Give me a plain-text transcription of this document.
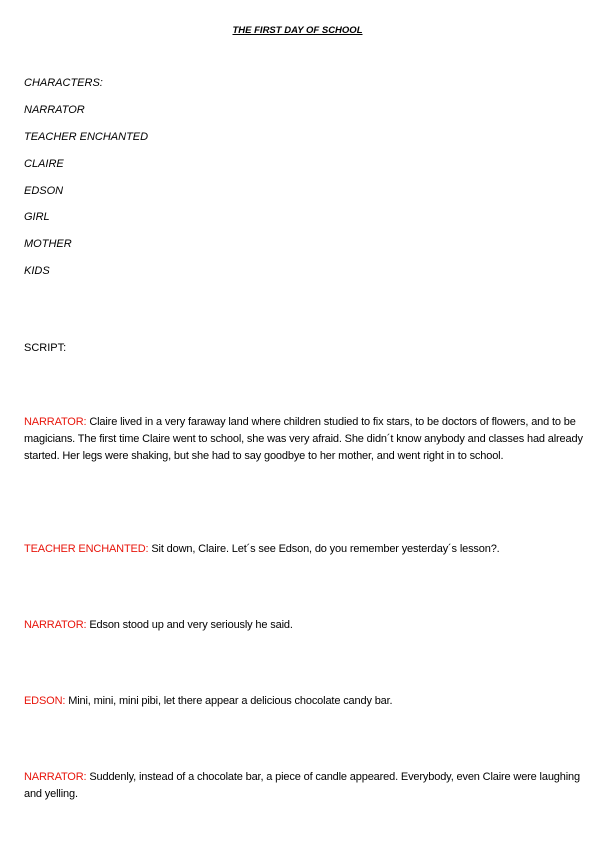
THE FIRST DAY OF SCHOOL
CHARACTERS:
NARRATOR
TEACHER ENCHANTED
CLAIRE
EDSON
GIRL
MOTHER
KIDS
SCRIPT:
NARRATOR: Claire lived in a very faraway land where children studied to fix stars, to be doctors of flowers, and to be magicians. The first time Claire went to school, she was very afraid. She didn´t know anybody and classes had already started. Her legs were shaking, but she had to say goodbye to her mother, and went right in to school.
TEACHER ENCHANTED: Sit down, Claire. Let´s see Edson, do you remember yesterday´s lesson?.
NARRATOR: Edson stood up and very seriously he said.
EDSON: Mini, mini, mini pibi, let there appear a delicious chocolate candy bar.
NARRATOR: Suddenly, instead of a chocolate bar, a piece of candle appeared. Everybody, even Claire were laughing and yelling.
